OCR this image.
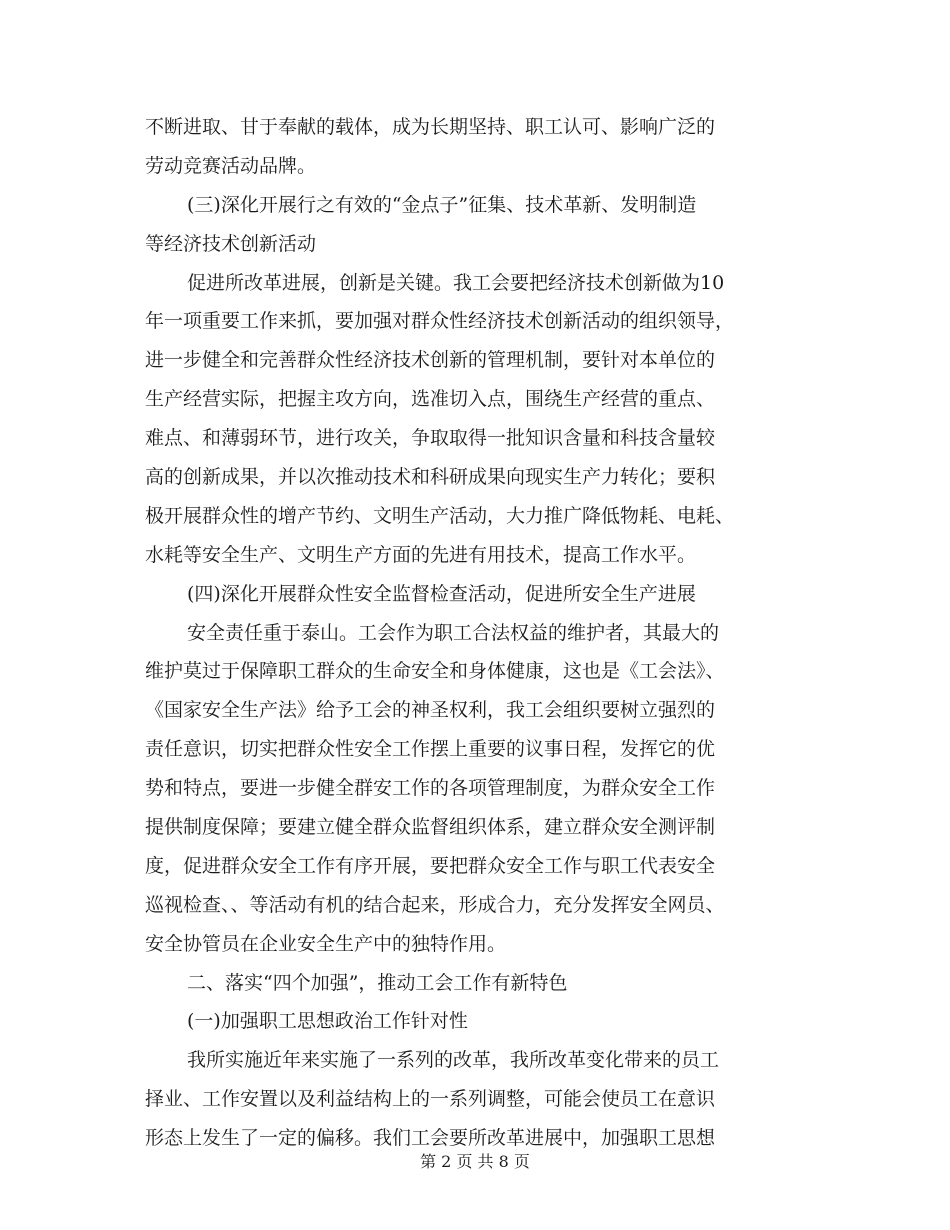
不断进取、甘于奉献的载体，成为长期坚持、职工认可、影响广泛的
劳动竞赛活动品牌。
(三)深化开展行之有效的“金点子”征集、技术革新、发明制造
等经济技术创新活动
促进所改革进展，创新是关键。我工会要把经济技术创新做为10
年一项重要工作来抓，要加强对群众性经济技术创新活动的组织领导，
进一步健全和完善群众性经济技术创新的管理机制，要针对本单位的
生产经营实际，把握主攻方向，选准切入点，围绕生产经营的重点、
难点、和薄弱环节，进行攻关，争取取得一批知识含量和科技含量较
高的创新成果，并以次推动技术和科研成果向现实生产力转化；要积
极开展群众性的增产节约、文明生产活动，大力推广降低物耗、电耗、
水耗等安全生产、文明生产方面的先进有用技术，提高工作水平。
(四)深化开展群众性安全监督检查活动，促进所安全生产进展
安全责任重于泰山。工会作为职工合法权益的维护者，其最大的
维护莫过于保障职工群众的生命安全和身体健康，这也是《工会法》、
《国家安全生产法》给予工会的神圣权利，我工会组织要树立强烈的
责任意识，切实把群众性安全工作摆上重要的议事日程，发挥它的优
势和特点，要进一步健全群安工作的各项管理制度，为群众安全工作
提供制度保障；要建立健全群众监督组织体系，建立群众安全测评制
度，促进群众安全工作有序开展，要把群众安全工作与职工代表安全
巡视检查、、等活动有机的结合起来，形成合力，充分发挥安全网员、
安全协管员在企业安全生产中的独特作用。
二、落实“四个加强”，推动工会工作有新特色
(一)加强职工思想政治工作针对性
我所实施近年来实施了一系列的改革，我所改革变化带来的员工
择业、工作安置以及利益结构上的一系列调整，可能会使员工在意识
形态上发生了一定的偏移。我们工会要所改革进展中，加强职工思想
第 2 页 共 8 页
